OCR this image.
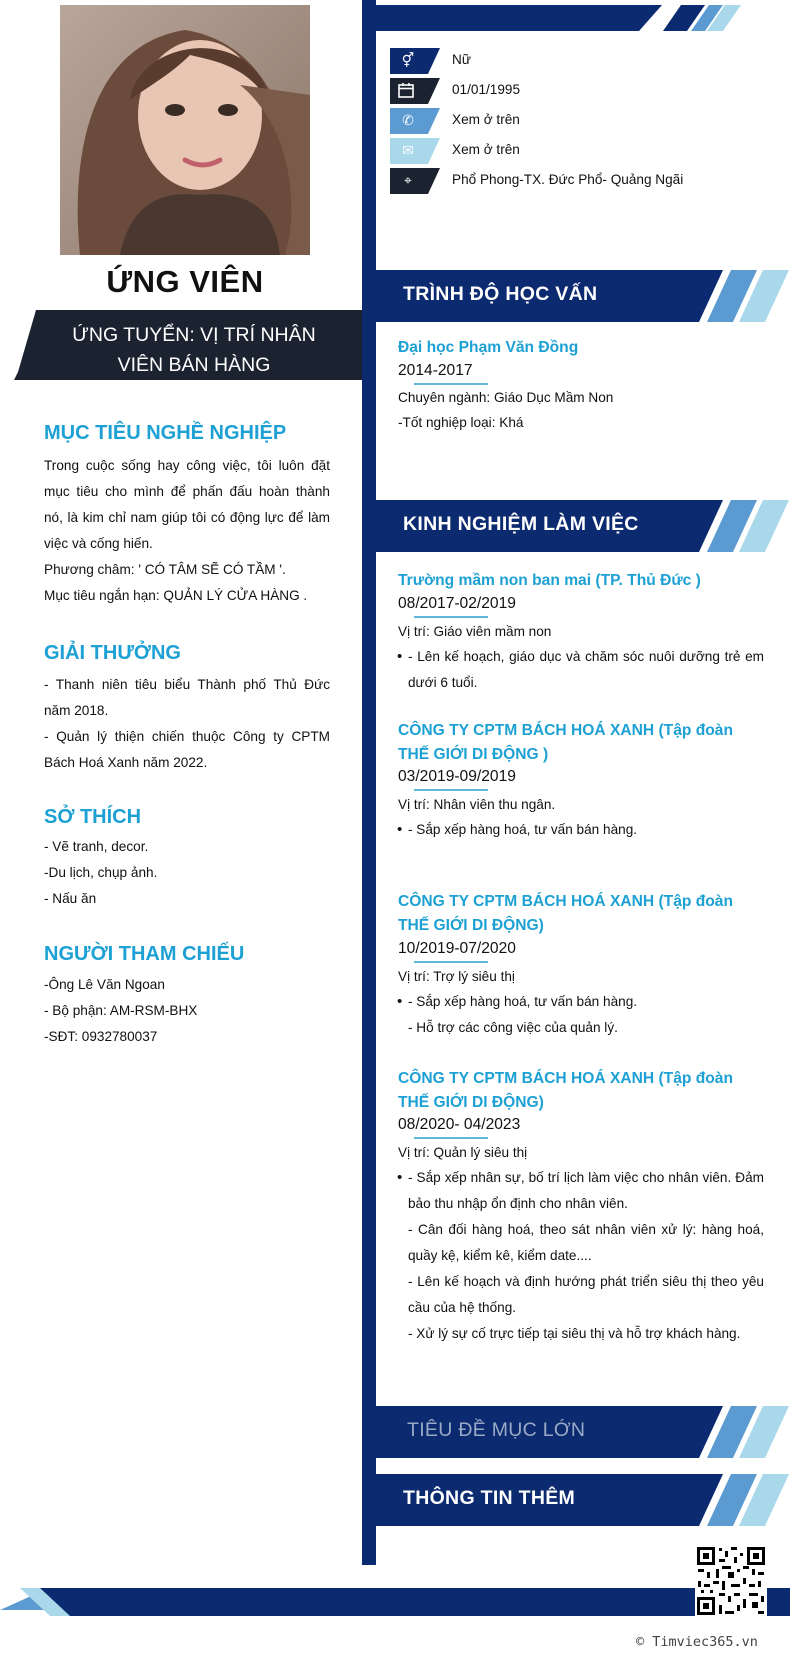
ỨNG VIÊN
ỨNG TUYỂN: VỊ TRÍ NHÂN
VIÊN BÁN HÀNG
MỤC TIÊU NGHỀ NGHIỆP
Trong cuộc sống hay công việc, tôi luôn đặt
mục tiêu cho mình để phấn đấu hoàn thành
nó, là kim chỉ nam giúp tôi có động lực để làm
việc và cống hiến.
Phương châm: ' CÓ TÂM SẼ CÓ TẦM '.
Mục tiêu ngắn hạn: QUẢN LÝ CỬA HÀNG .
GIẢI THƯỞNG
- Thanh niên tiêu biểu Thành phố Thủ Đức
năm 2018.
- Quản lý thiện chiến thuộc Công ty CPTM
Bách Hoá Xanh năm 2022.
SỞ THÍCH
- Vẽ tranh, decor.
-Du lịch, chụp ảnh.
- Nấu ăn
NGƯỜI THAM CHIẾU
-Ông Lê Văn Ngoan
- Bộ phận: AM-RSM-BHX
-SĐT: 0932780037
⚥	Nữ
01/01/1995
✆	Xem ở trên
✉	Xem ở trên
⌖	Phổ Phong-TX. Đức Phổ- Quảng Ngãi
TRÌNH ĐỘ HỌC VẤN
Đại học Phạm Văn Đồng
2014-2017
Chuyên ngành: Giáo Dục Mầm Non
-Tốt nghiệp loại: Khá
KINH NGHIỆM LÀM VIỆC
Trường mầm non ban mai (TP. Thủ Đức )
08/2017-02/2019
Vị trí: Giáo viên mầm non
• - Lên kế hoạch, giáo dục và chăm sóc nuôi dưỡng trẻ em
dưới 6 tuổi.
CÔNG TY CPTM BÁCH HOÁ XANH (Tập đoàn THẾ GIỚI DI ĐỘNG )
03/2019-09/2019
Vị trí: Nhân viên thu ngân.
• - Sắp xếp hàng hoá, tư vấn bán hàng.
CÔNG TY CPTM BÁCH HOÁ XANH (Tập đoàn THẾ GIỚI DI ĐỘNG)
10/2019-07/2020
Vị trí: Trợ lý siêu thị
• - Sắp xếp hàng hoá, tư vấn bán hàng.
- Hỗ trợ các công việc của quản lý.
CÔNG TY CPTM BÁCH HOÁ XANH (Tập đoàn THẾ GIỚI DI ĐỘNG)
08/2020- 04/2023
Vị trí: Quản lý siêu thị
• - Sắp xếp nhân sự, bố trí lịch làm việc cho nhân viên. Đảm
bảo thu nhập ổn định cho nhân viên.
- Cân đối hàng hoá, theo sát nhân viên xử lý: hàng hoá,
quầy kệ, kiểm kê, kiểm date....
- Lên kế hoạch và định hướng phát triển siêu thị theo yêu
cầu của hệ thống.
- Xử lý sự cố trực tiếp tại siêu thị và hỗ trợ khách hàng.
TIÊU ĐỀ MỤC LỚN
THÔNG TIN THÊM
© Timviec365.vn
